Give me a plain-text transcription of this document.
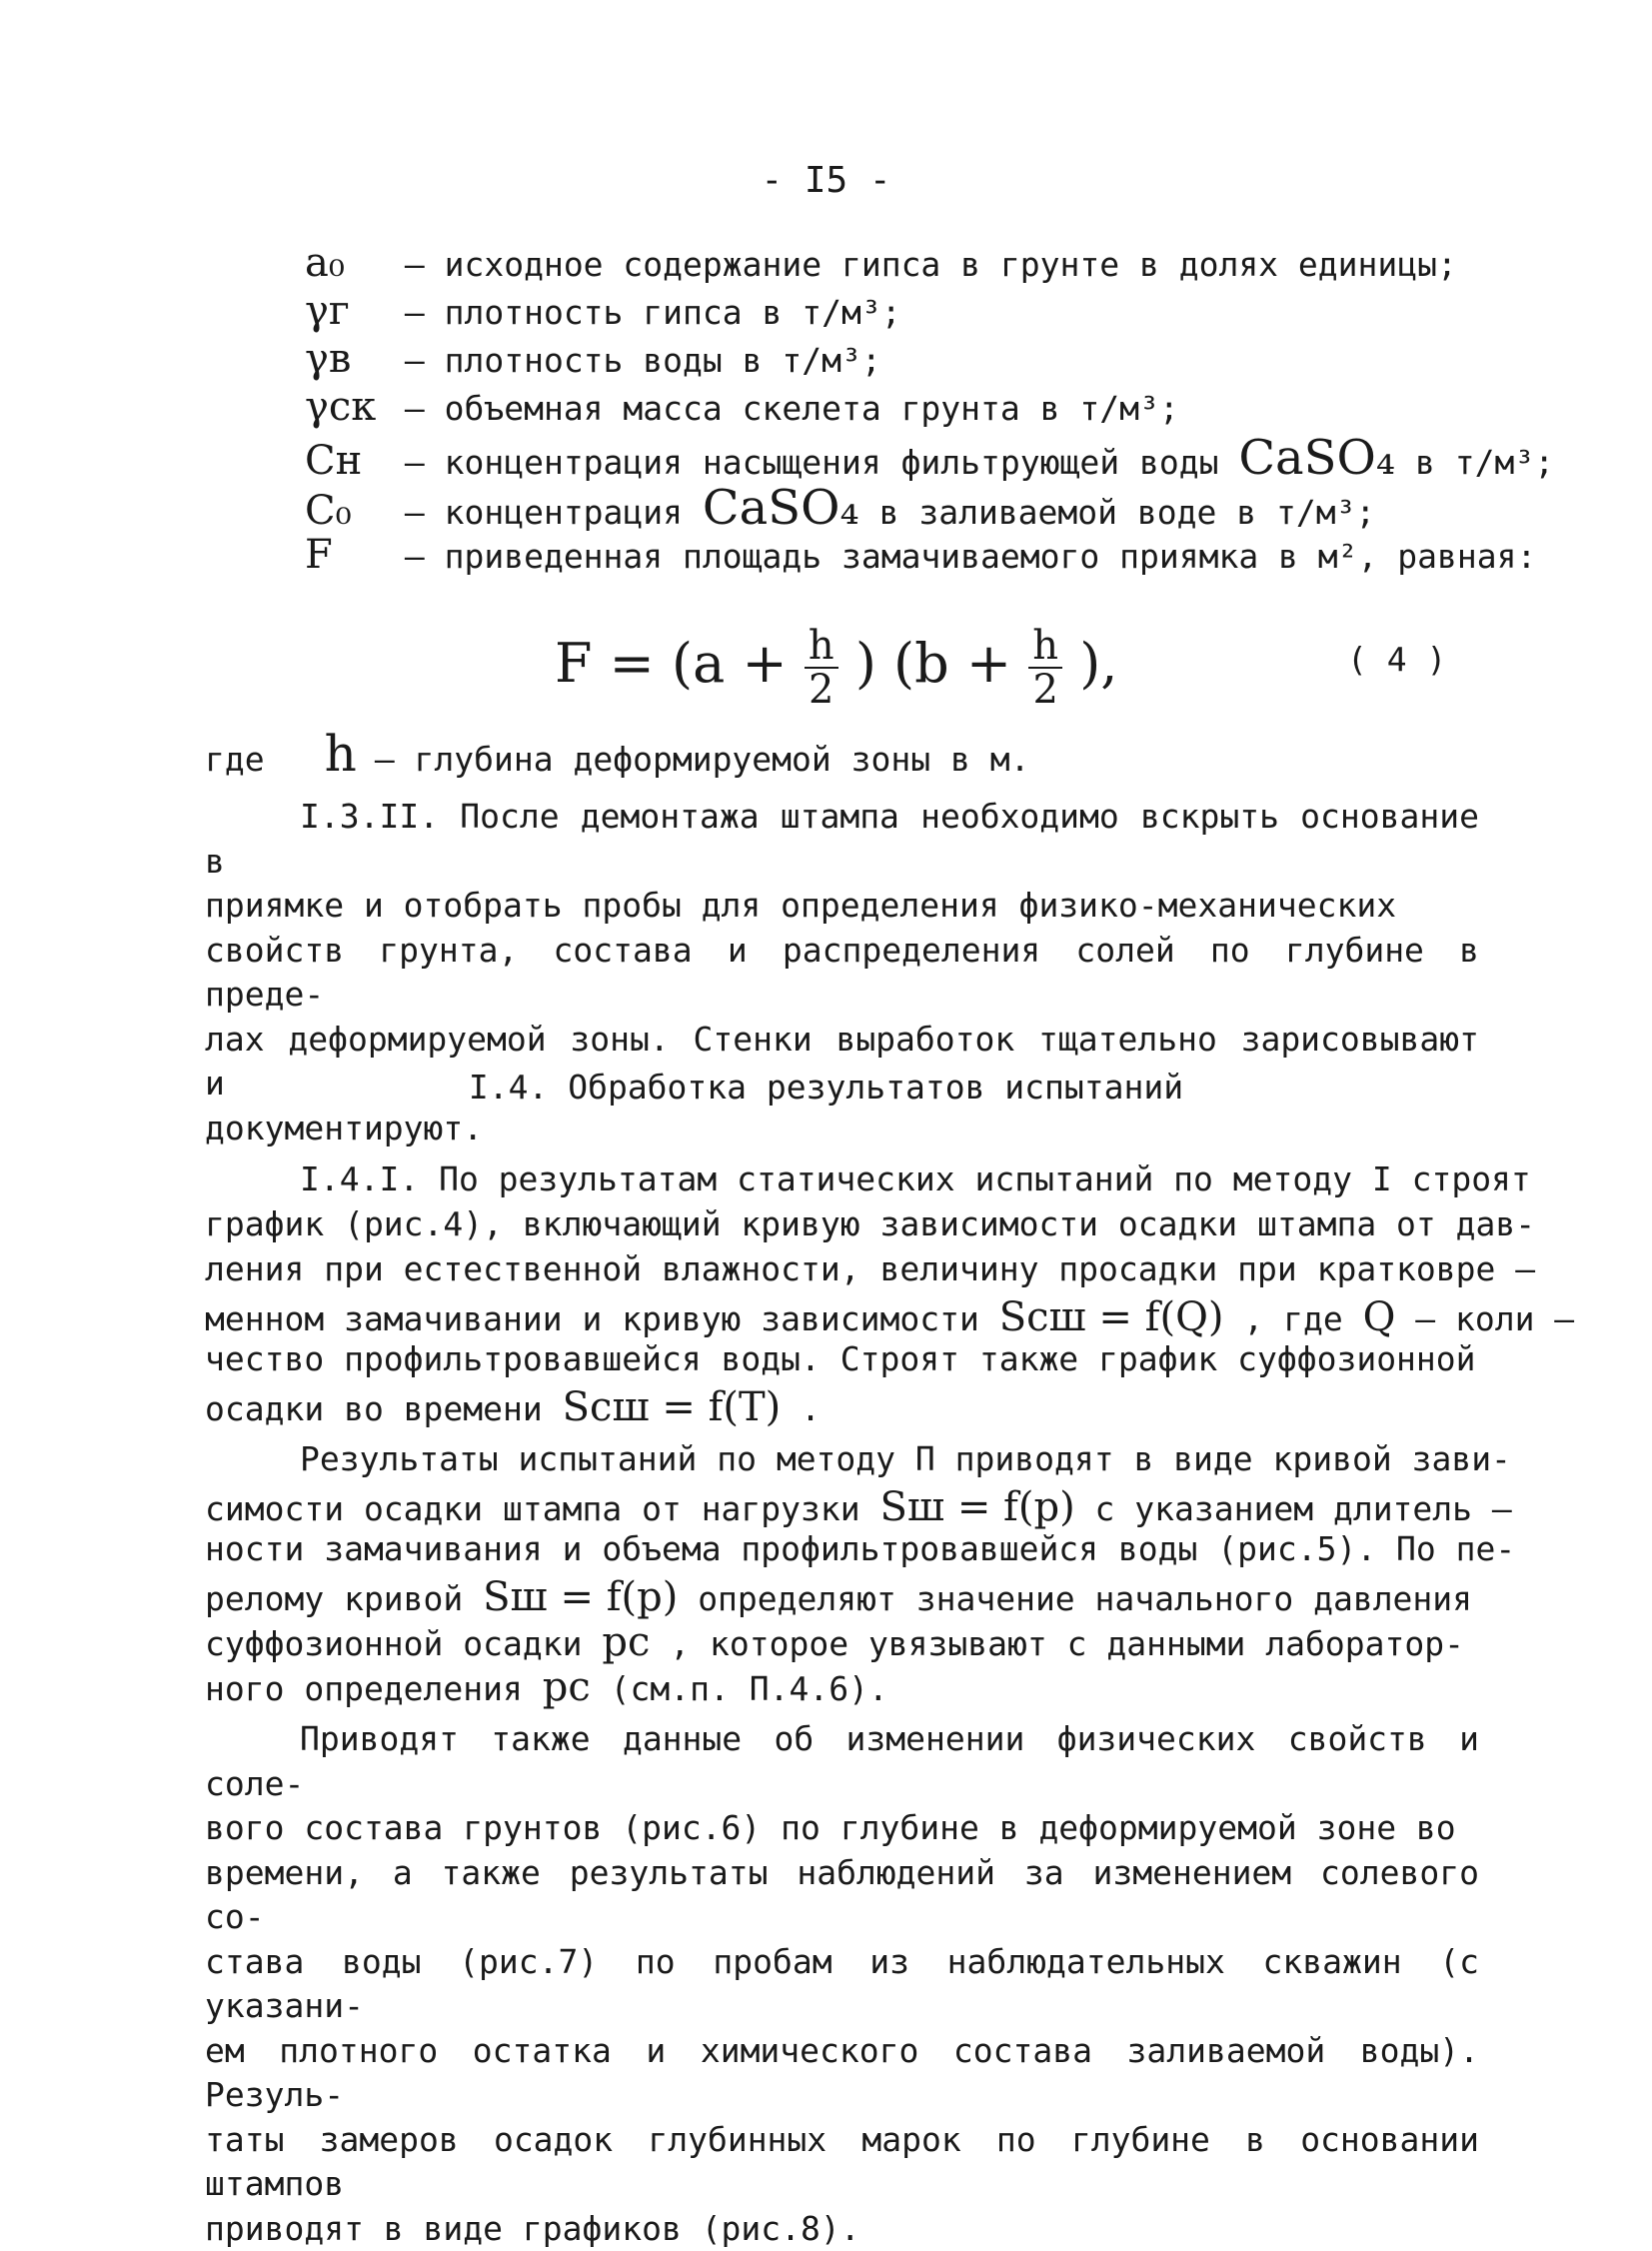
- I5 -
a₀ – исходное содержание гипса в грунте в долях единицы;
γг – плотность гипса в т/м³;
γв – плотность воды в т/м³;
γск – объемная масса скелета грунта в т/м³;
Cн – концентрация насыщения фильтрующей воды CaSO₄ в т/м³;
C₀ – концентрация CaSO₄ в заливаемой воде в т/м³;
F – приведенная площадь замачиваемого приямка в м², равная:
$F = (a + \frac{h}{2}$ ) ($b + \frac{h}{2}$ ),	( 4 )
где h – глубина деформируемой зоны в м.
I.3.II. После демонтажа штампа необходимо вскрыть основание в
приямке и отобрать пробы для определения физико-механических
свойств грунта, состава и распределения солей по глубине в преде-
лах деформируемой зоны. Стенки выработок тщательно зарисовывают и
документируют.
I.4. Обработка результатов испытаний
I.4.I. По результатам статических испытаний по методу I строят
график (рис.4), включающий кривую зависимости осадки штампа от дав-
ления при естественной влажности, величину просадки при кратковре –
менном замачивании и кривую зависимости Sсш = f(Q) , где Q – коли –
чество профильтровавшейся воды. Строят также график суффозионной
осадки во времени Sсш = f(T) .
Результаты испытаний по методу П приводят в виде кривой зави-
симости осадки штампа от нагрузки Sш = f(p) с указанием длитель –
ности замачивания и объема профильтровавшейся воды (рис.5). По пе-
релому кривой Sш = f(p) определяют значение начального давления
суффозионной осадки pс , которое увязывают с данными лаборатор-
ного определения pс (см.п. П.4.6).
Приводят также данные об изменении физических свойств и соле-
вого состава грунтов (рис.6) по глубине в деформируемой зоне во
времени, а также результаты наблюдений за изменением солевого со-
става воды (рис.7) по пробам из наблюдательных скважин (с указани-
ем плотного остатка и химического состава заливаемой воды). Резуль-
таты замеров осадок глубинных марок по глубине в основании штампов
приводят в виде графиков (рис.8).
